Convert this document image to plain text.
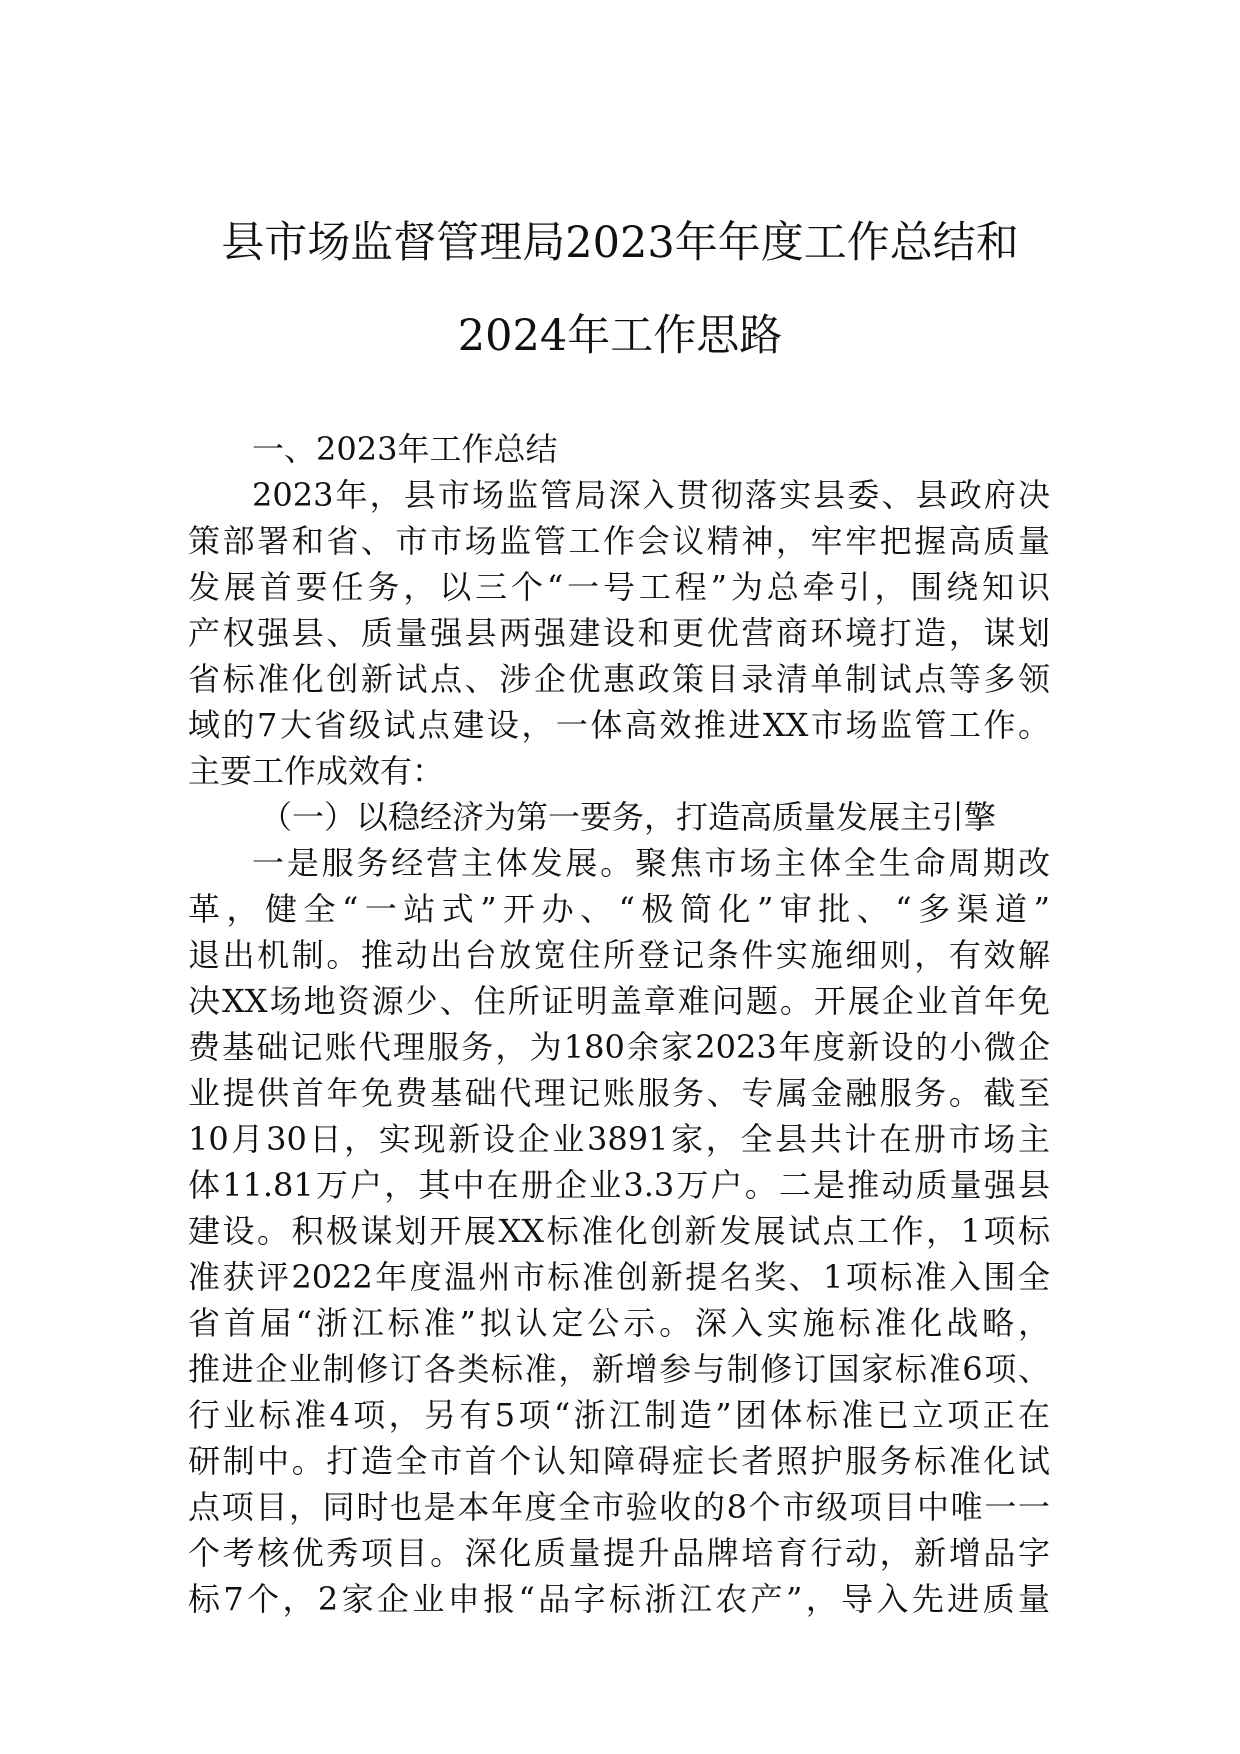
县市场监督管理局2023年年度工作总结和
2024年工作思路
一、2023年工作总结
2023年，县市场监管局深入贯彻落实县委、县政府决
策部署和省、市市场监管工作会议精神，牢牢把握高质量
发展首要任务，以三个“一号工程”为总牵引，围绕知识
产权强县、质量强县两强建设和更优营商环境打造，谋划
省标准化创新试点、涉企优惠政策目录清单制试点等多领
域的7大省级试点建设，一体高效推进XX市场监管工作。
主要工作成效有：
（一）以稳经济为第一要务，打造高质量发展主引擎
一是服务经营主体发展。聚焦市场主体全生命周期改
革，健全“一站式”开办、“极简化”审批、“多渠道”
退出机制。推动出台放宽住所登记条件实施细则，有效解
决XX场地资源少、住所证明盖章难问题。开展企业首年免
费基础记账代理服务，为180余家2023年度新设的小微企
业提供首年免费基础代理记账服务、专属金融服务。截至
10月30日，实现新设企业3891家，全县共计在册市场主
体11.81万户，其中在册企业3.3万户。二是推动质量强县
建设。积极谋划开展XX标准化创新发展试点工作，1项标
准获评2022年度温州市标准创新提名奖、1项标准入围全
省首届“浙江标准”拟认定公示。深入实施标准化战略，
推进企业制修订各类标准，新增参与制修订国家标准6项、
行业标准4项，另有5项“浙江制造”团体标准已立项正在
研制中。打造全市首个认知障碍症长者照护服务标准化试
点项目，同时也是本年度全市验收的8个市级项目中唯一一
个考核优秀项目。深化质量提升品牌培育行动，新增品字
标7个，2家企业申报“品字标浙江农产”，导入先进质量
